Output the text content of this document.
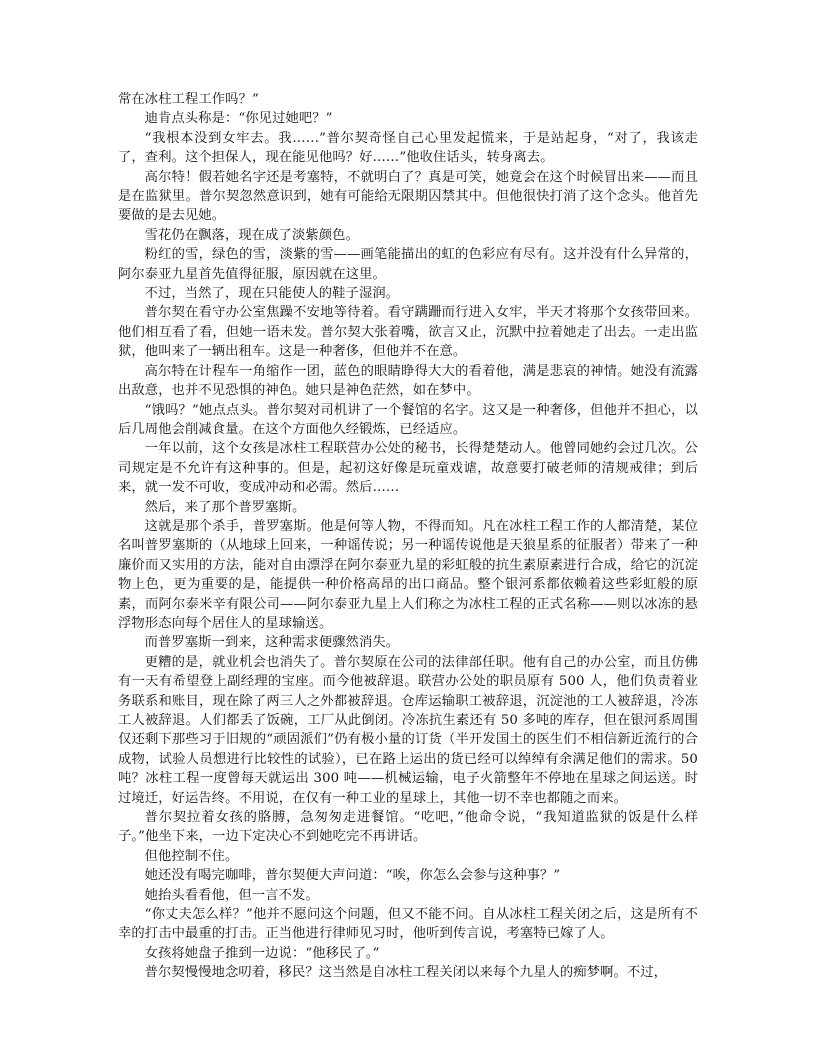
常在冰柱工程工作吗？”

迪肯点头称是：“你见过她吧？”

“我根本没到女牢去。我……”普尔契奇怪自己心里发起慌来，于是站起身，“对了，我该走了，查利。这个担保人，现在能见他吗？好……”他收住话头，转身离去。

高尔特！假若她名字还是考塞特，不就明白了？真是可笑，她竟会在这个时候冒出来——而且是在监狱里。普尔契忽然意识到，她有可能给无限期囚禁其中。但他很快打消了这个念头。他首先要做的是去见她。

雪花仍在飘落，现在成了淡紫颜色。

粉红的雪，绿色的雪，淡紫的雪——画笔能描出的虹的色彩应有尽有。这并没有什么异常的，阿尔泰亚九星首先值得征服，原因就在这里。

不过，当然了，现在只能使人的鞋子湿润。

普尔契在看守办公室焦躁不安地等待着。看守蹒跚而行进入女牢，半天才将那个女孩带回来。他们相互看了看，但她一语未发。普尔契大张着嘴，欲言又止，沉默中拉着她走了出去。一走出监狱，他叫来了一辆出租车。这是一种奢侈，但他并不在意。

高尔特在计程车一角缩作一团，蓝色的眼睛睁得大大的看着他，满是悲哀的神情。她没有流露出敌意，也并不见恐惧的神色。她只是神色茫然，如在梦中。

“饿吗？”她点点头。普尔契对司机讲了一个餐馆的名字。这又是一种奢侈，但他并不担心，以后几周他会削减食量。在这个方面他久经锻炼，已经适应。

一年以前，这个女孩是冰柱工程联营办公处的秘书，长得楚楚动人。他曾同她约会过几次。公司规定是不允许有这种事的。但是，起初这好像是玩童戏谑，故意要打破老师的清规戒律；到后来，就一发不可收，变成冲动和必需。然后……

然后，来了那个普罗塞斯。

这就是那个杀手，普罗塞斯。他是何等人物，不得而知。凡在冰柱工程工作的人都清楚，某位名叫普罗塞斯的（从地球上回来，一种谣传说；另一种谣传说他是天狼星系的征服者）带来了一种廉价而又实用的方法，能对自由漂浮在阿尔泰亚九星的彩虹般的抗生素原素进行合成，给它的沉淀物上色，更为重要的是，能提供一种价格高昂的出口商品。整个银河系都依赖着这些彩虹般的原素，而阿尔泰米辛有限公司——阿尔泰亚九星上人们称之为冰柱工程的正式名称——则以冰冻的悬浮物形态向每个居住人的星球输送。

而普罗塞斯一到来，这种需求便骤然消失。

更糟的是，就业机会也消失了。普尔契原在公司的法律部任职。他有自己的办公室，而且仿佛有一天有希望登上副经理的宝座。而今他被辞退。联营办公处的职员原有 500 人，他们负责着业务联系和账目，现在除了两三人之外都被辞退。仓库运输职工被辞退，沉淀池的工人被辞退，冷冻工人被辞退。人们都丢了饭碗，工厂从此倒闭。冷冻抗生素还有 50 多吨的库存，但在银河系周围仅还剩下那些习于旧规的“顽固派们”仍有极小量的订货（半开发国土的医生们不相信新近流行的合成物，试验人员想进行比较性的试验），已在路上运出的货已经可以绰绰有余满足他们的需求。50 吨？冰柱工程一度曾每天就运出 300 吨——机械运输，电子火箭整年不停地在星球之间运送。时过境迁，好运告终。不用说，在仅有一种工业的星球上，其他一切不幸也都随之而来。

普尔契拉着女孩的胳膊，急匆匆走进餐馆。“吃吧，”他命令说，“我知道监狱的饭是什么样子。”他坐下来，一边下定决心不到她吃完不再讲话。

但他控制不住。

她还没有喝完咖啡，普尔契便大声问道：“唉，你怎么会参与这种事？”

她抬头看看他，但一言不发。

“你丈夫怎么样？”他并不愿问这个问题，但又不能不问。自从冰柱工程关闭之后，这是所有不幸的打击中最重的打击。正当他进行律师见习时，他听到传言说，考塞特已嫁了人。

女孩将她盘子推到一边说：“他移民了。”

普尔契慢慢地念叨着，移民？这当然是自冰柱工程关闭以来每个九星人的痴梦啊。不过，
